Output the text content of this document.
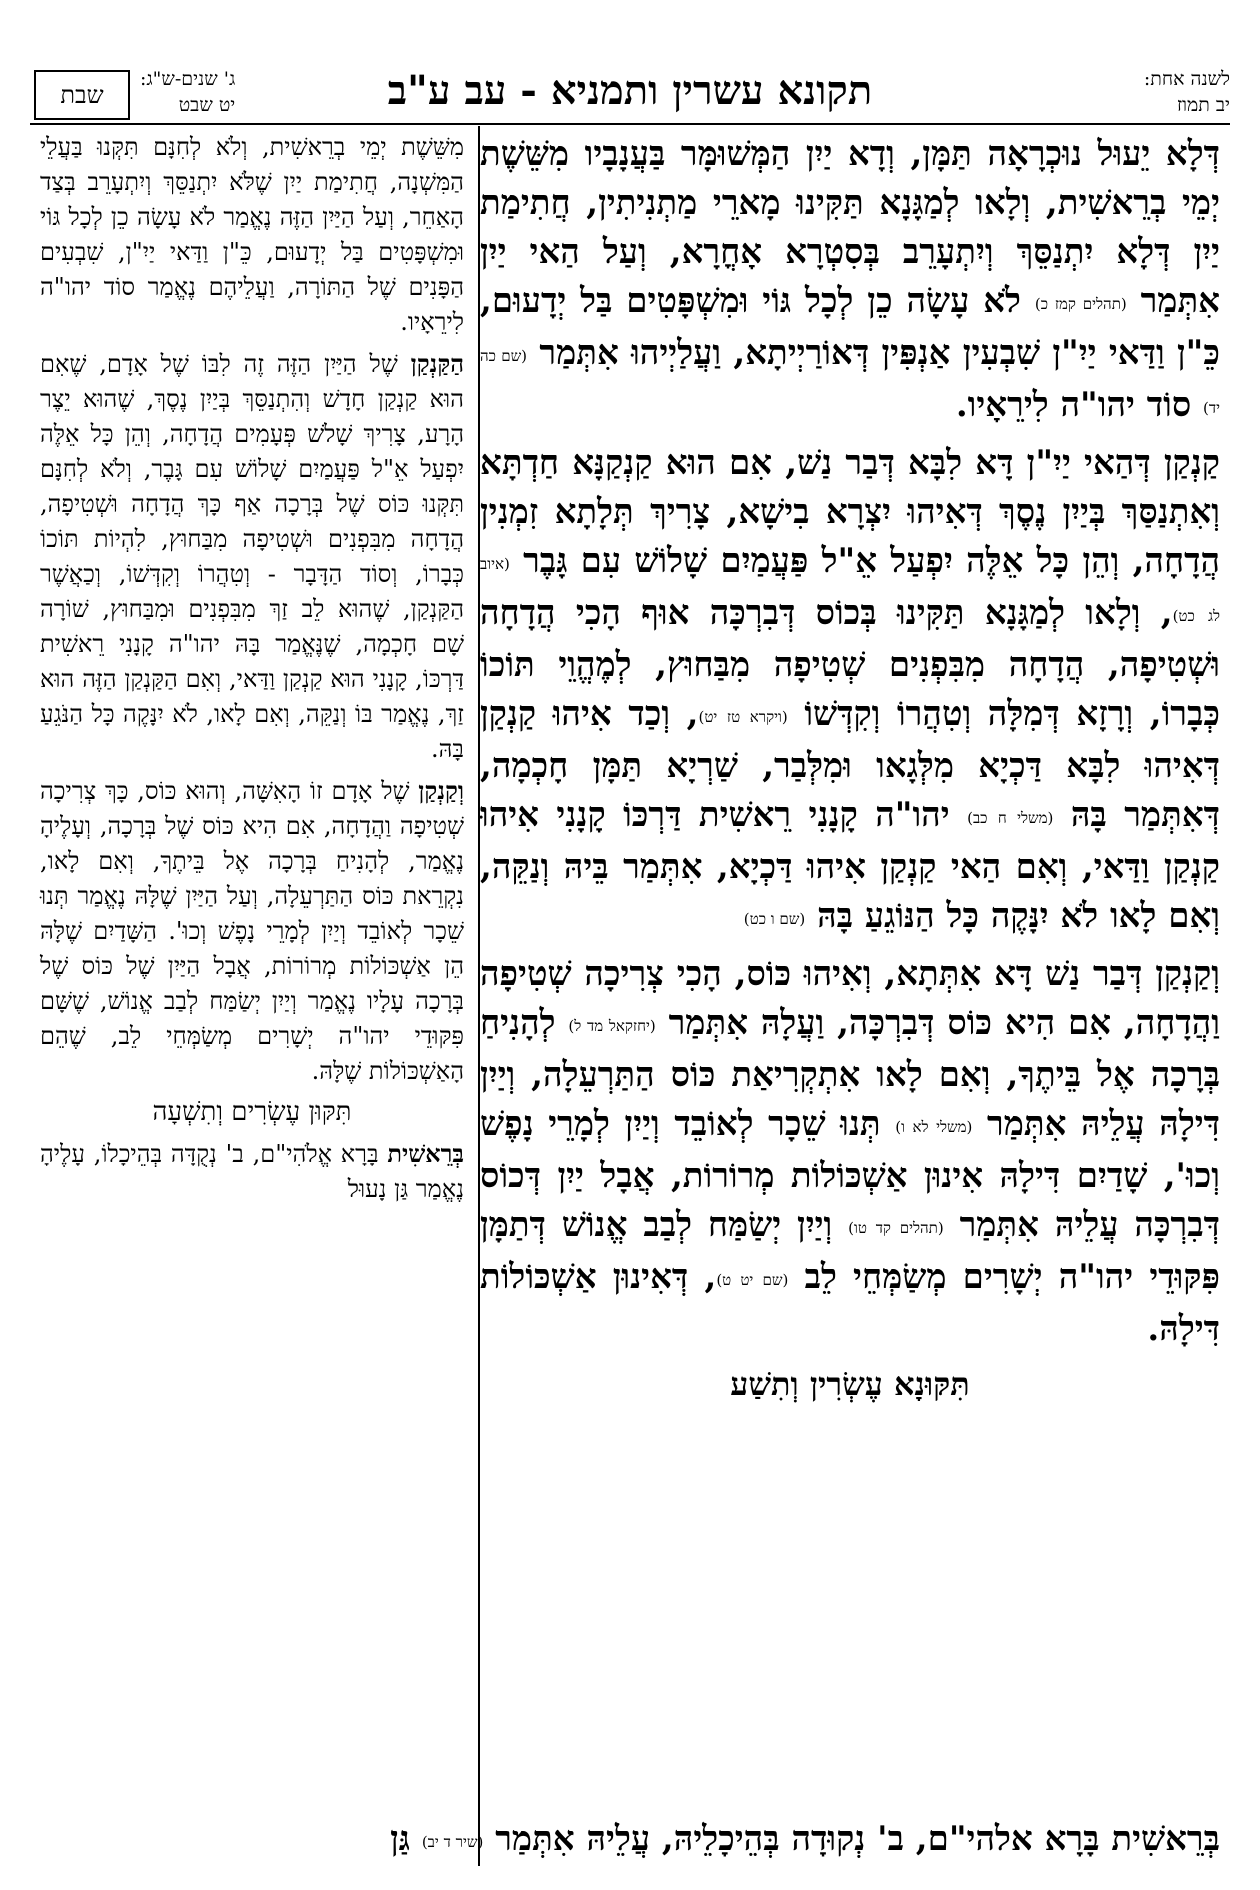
לשנה אחת:
יב תמוז
תקונא עשרין ותמניא - עב ע"ב
ג' שנים-ש"ג:
יט שבט
שבת

דְּלָא יֵעוּל נוּכְרָאָה תַּמָּן, וְדָא יַיִן הַמְּשׁוּמָּר בַּעֲנָבָיו מִשֵּׁשֶׁת יְמֵי בְרֵאשִׁית, וְלָאו לְמַגָּנָא תַּקִּינוּ מָארֵי מַתְנִיתִין, חֲתִימַת יַיִן דְּלָא יִתְנַסֵּךְ וְיִתְעָרֵב בְּסִטְרָא אָחֳרָא, וְעַל הַאי יַיִן אִתְּמַר (תהלים קמז כ) לֹא עָשָׂה כֵן לְכָל גּוֹי וּמִשְׁפָּטִים בַּל יְדָעוּם, כֵּ"ן וַדַּאי יַיִ"ן שִׁבְעִין אַנְפִּין דְּאוֹרַיְיתָא, וַעֲלַיְיהוּ אִתְּמַר (שם כה יד) סוֹד יהו"ה לִירֵאָיו.

קַנְקַן דְּהַאי יַיִ"ן דָּא לִבָּא דְּבַר נַשׁ, אִם הוּא קַנְקַנָּא חַדְתָּא וְאִתְנַסַּךְ בְּיַיִן נֶסֶךְ דְּאִיהוּ יִצְרָא בִישָׁא, צָרִיךְ תְּלָתָא זִמְנִין הֲדָחָה, וְהֵן כָּל אֵלֶּה יִפְעַל אֵ"ל פַּעֲמַיִם שָׁלוֹשׁ עִם גָּבֶר (איוב לג כט), וְלָאו לְמַגָּנָא תַּקִּינוּ בְּכוֹס דְּבִרְכָּה אוּף הָכִי הֲדָחָה וּשְׁטִיפָה, הֲדָחָה מִבִּפְנִים שְׁטִיפָה מִבַּחוּץ, לְמֶהֱוֵי תּוֹכוֹ כְּבָרוֹ, וְרָזָא דְּמִלָּה וְטִהֲרוֹ וְקִדְּשׁוֹ (ויקרא טז יט), וְכַד אִיהוּ קַנְקַן דְּאִיהוּ לִבָּא דַּכְיָא מִלְּגָאו וּמִלְּבַר, שַׁרְיָא תַּמָּן חָכְמָה, דְּאִתְּמַר בָּהּ (משלי ח כב) יהו"ה קָנָנִי רֵאשִׁית דַּרְכּוֹ קָנָנִי אִיהוּ קַנְקַן וַדַּאי, וְאִם הַאי קַנְקַן אִיהוּ דַּכְיָא, אִתְּמַר בֵּיהּ וְנַקֵּה, וְאִם לָאו לֹא יִנָּקֶה כָּל הַנּוֹגֵעַ בָּהּ (שם ו כט)

וְקַנְקַן דְּבַר נַשׁ דָּא אִתְּתָא, וְאִיהוּ כּוֹס, הָכִי צְרִיכָה שְׁטִיפָה וַהֲדָחָה, אִם הִיא כּוֹס דְּבִרְכָּה, וַעֲלָהּ אִתְּמַר (יחזקאל מד ל) לְהָנִיחַ בְּרָכָה אֶל בֵּיתֶךָ, וְאִם לָאו אִתְקְרִיאַת כּוֹס הַתַּרְעֵלָה, וְיַיִן דִּילָהּ עֲלֵיהּ אִתְּמַר (משלי לא ו) תְּנוּ שֵׁכָר לְאוֹבֵד וְיַיִן לְמָרֵי נָפֶשׁ וְכוּ', שָׁדַיִם דִּילָהּ אִינוּן אַשְׁכּוֹלוֹת מְרוֹרוֹת, אֲבָל יַיִן דְּכוֹס דְּבִרְכָּה עֲלֵיהּ אִתְּמַר (תהלים קד טו) וְיַיִן יְשַׂמַּח לְבַב אֱנוֹשׁ דְּתַמָּן פִּקּוּדֵי יהו"ה יְשָׁרִים מְשַׂמְּחֵי לֵב (שם יט ט), דְּאִינוּן אַשְׁכּוֹלוֹת דִּילָהּ.

תִּקּוּנָא עֶשְׂרִין וְתִשַׁע

מִשֵּׁשֶׁת יְמֵי בְרֵאשִׁית, וְלֹא לְחִנָּם תִּקְּנוּ בַּעֲלֵי הַמִּשְׁנָה, חֲתִימַת יַיִן שֶׁלֹּא יִתְנַסֵּךְ וְיִתְעָרֵב בְּצַד הָאַחֵר, וְעַל הַיַּיִן הַזֶּה נֶאֱמַר לֹא עָשָׂה כֵן לְכָל גּוֹי וּמִשְׁפָּטִים בַּל יְדָעוּם, כֵּ"ן וַדַּאי יַיִ"ן, שִׁבְעִים הַפָּנִים שֶׁל הַתּוֹרָה, וַעֲלֵיהֶם נֶאֱמַר סוֹד יהו"ה לִירֵאָיו.

הַקַּנְקַן שֶׁל הַיַּיִן הַזֶּה זֶה לִבּוֹ שֶׁל אָדָם, שֶׁאִם הוּא קַנְקַן חָדָשׁ וְהִתְנַסֵּךְ בְּיַיִן נֶסֶךְ, שֶׁהוּא יֵצֶר הָרָע, צָרִיךְ שָׁלֹשׁ פְּעָמִים הֲדָחָה, וְהֵן כָּל אֵלֶּה יִפְעַל אֵ"ל פַּעֲמַיִם שָׁלוֹשׁ עִם גָּבֶר, וְלֹא לְחִנָּם תִּקְּנוּ כּוֹס שֶׁל בְּרָכָה אַף כָּךְ הֲדָחָה וּשְׁטִיפָה, הֲדָחָה מִבִּפְנִים וּשְׁטִיפָה מִבַּחוּץ, לִהְיוֹת תּוֹכוֹ כְּבָרוֹ, וְסוֹד הַדָּבָר - וְטִהֲרוֹ וְקִדְּשׁוֹ, וְכַאֲשֶׁר הַקַּנְקַן, שֶׁהוּא לֵב זַךְ מִבִּפְנִים וּמִבַּחוּץ, שׁוֹרָה שָׁם חָכְמָה, שֶׁנֶּאֱמַר בָּהּ יהו"ה קָנָנִי רֵאשִׁית דַּרְכּוֹ, קָנָנִי הוּא קַנְקַן וַדַּאי, וְאִם הַקַּנְקַן הַזֶּה הוּא זַךְ, נֶאֱמַר בּוֹ וְנַקֵּה, וְאִם לָאו, לֹא יִנָּקֶה כָּל הַנֹּגֵעַ בָּהּ.

וְקַנְקַן שֶׁל אָדָם זוֹ הָאִשָּׁה, וְהוּא כּוֹס, כָּךְ צְרִיכָה שְׁטִיפָה וַהֲדָחָה, אִם הִיא כּוֹס שֶׁל בְּרָכָה, וְעָלֶיהָ נֶאֱמַר, לְהָנִיחַ בְּרָכָה אֶל בֵּיתֶךָ, וְאִם לָאו, נִקְרֵאת כּוֹס הַתַּרְעֵלָה, וְעַל הַיַּיִן שֶׁלָּהּ נֶאֱמַר תְּנוּ שֵׁכָר לְאוֹבֵד וְיַיִן לְמָרֵי נָפֶשׁ וְכוּ'. הַשָּׁדַיִם שֶׁלָּהּ הֵן אַשְׁכּוֹלוֹת מְרוֹרוֹת, אֲבָל הַיַּיִן שֶׁל כּוֹס שֶׁל בְּרָכָה עָלָיו נֶאֱמַר וְיַיִן יְשַׂמַּח לְבַב אֱנוֹשׁ, שֶׁשָּׁם פִּקּוּדֵי יהו"ה יְשָׁרִים מְשַׂמְּחֵי לֵב, שֶׁהֵם הָאַשְׁכּוֹלוֹת שֶׁלָּהּ.

תִּקּוּן עֶשְׂרִים וְתִשְׁעָה

בְּרֵאשִׁית בָּרָא אֱלֹהִי"ם, ב' נְקֻדָּה בְּהֵיכָלוֹ, עָלֶיהָ נֶאֱמַר גַּן נָעוּל

בְּרֵאשִׁית בָּרָא אלהי"ם, ב' נְקוּדָה בְּהֵיכָלֵיהּ, עֲלֵיהּ אִתְּמַר (שיר ד יב) גַּן
